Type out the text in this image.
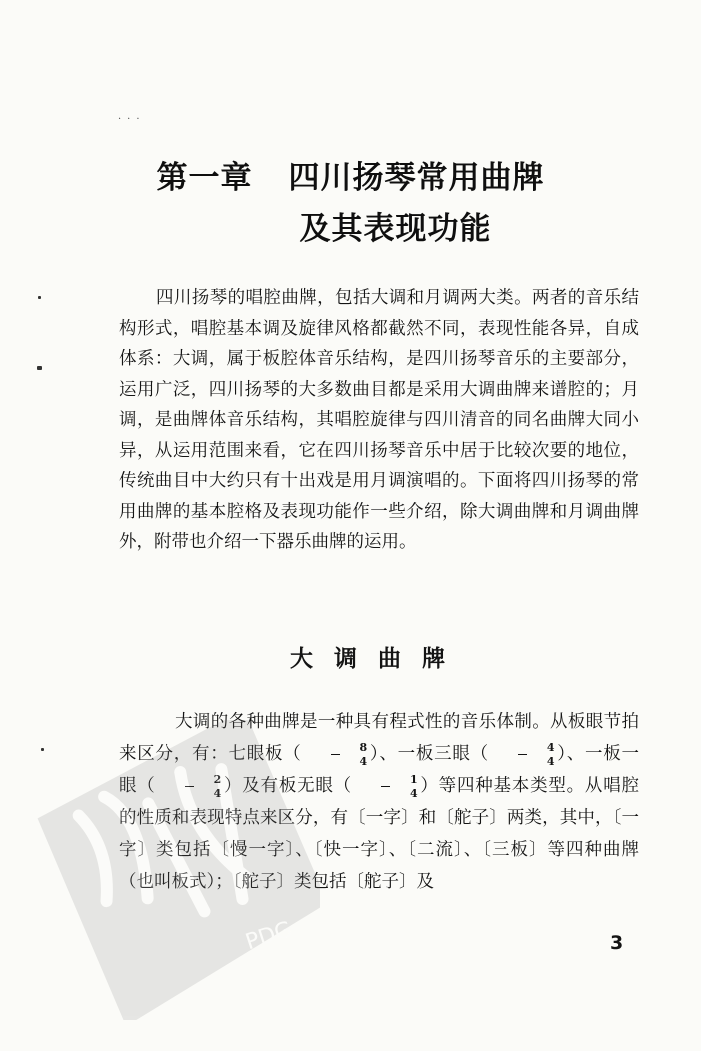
···
第一章 四川扬琴常用曲牌
及其表现功能

四川扬琴的唱腔曲牌，包括大调和月调两大类。两者的音乐结构形式，唱腔基本调及旋律风格都截然不同，表现性能各异，自成体系：大调，属于板腔体音乐结构，是四川扬琴音乐的主要部分，运用广泛，四川扬琴的大多数曲目都是采用大调曲牌来谱腔的；月调，是曲牌体音乐结构，其唱腔旋律与四川清音的同名曲牌大同小异，从运用范围来看，它在四川扬琴音乐中居于比较次要的地位，传统曲目中大约只有十出戏是用月调演唱的。下面将四川扬琴的常用曲牌的基本腔格及表现功能作一些介绍，除大调曲牌和月调曲牌外，附带也介绍一下器乐曲牌的运用。

大调曲牌

大调的各种曲牌是一种具有程式性的音乐体制。从板眼节拍来区分，有：七眼板（ $\frac{8}{4}$ ）、一板三眼（ $\frac{4}{4}$ ）、一板一眼（ $\frac{2}{4}$ ）及有板无眼（ $\frac{1}{4}$ ）等四种基本类型。从唱腔的性质和表现特点来区分，有〔一字〕和〔舵子〕两类，其中，〔一字〕类包括〔慢一字〕、〔快一字〕、〔二流〕、〔三板〕等四种曲牌（也叫板式）；〔舵子〕类包括〔舵子〕及

3
PDG
